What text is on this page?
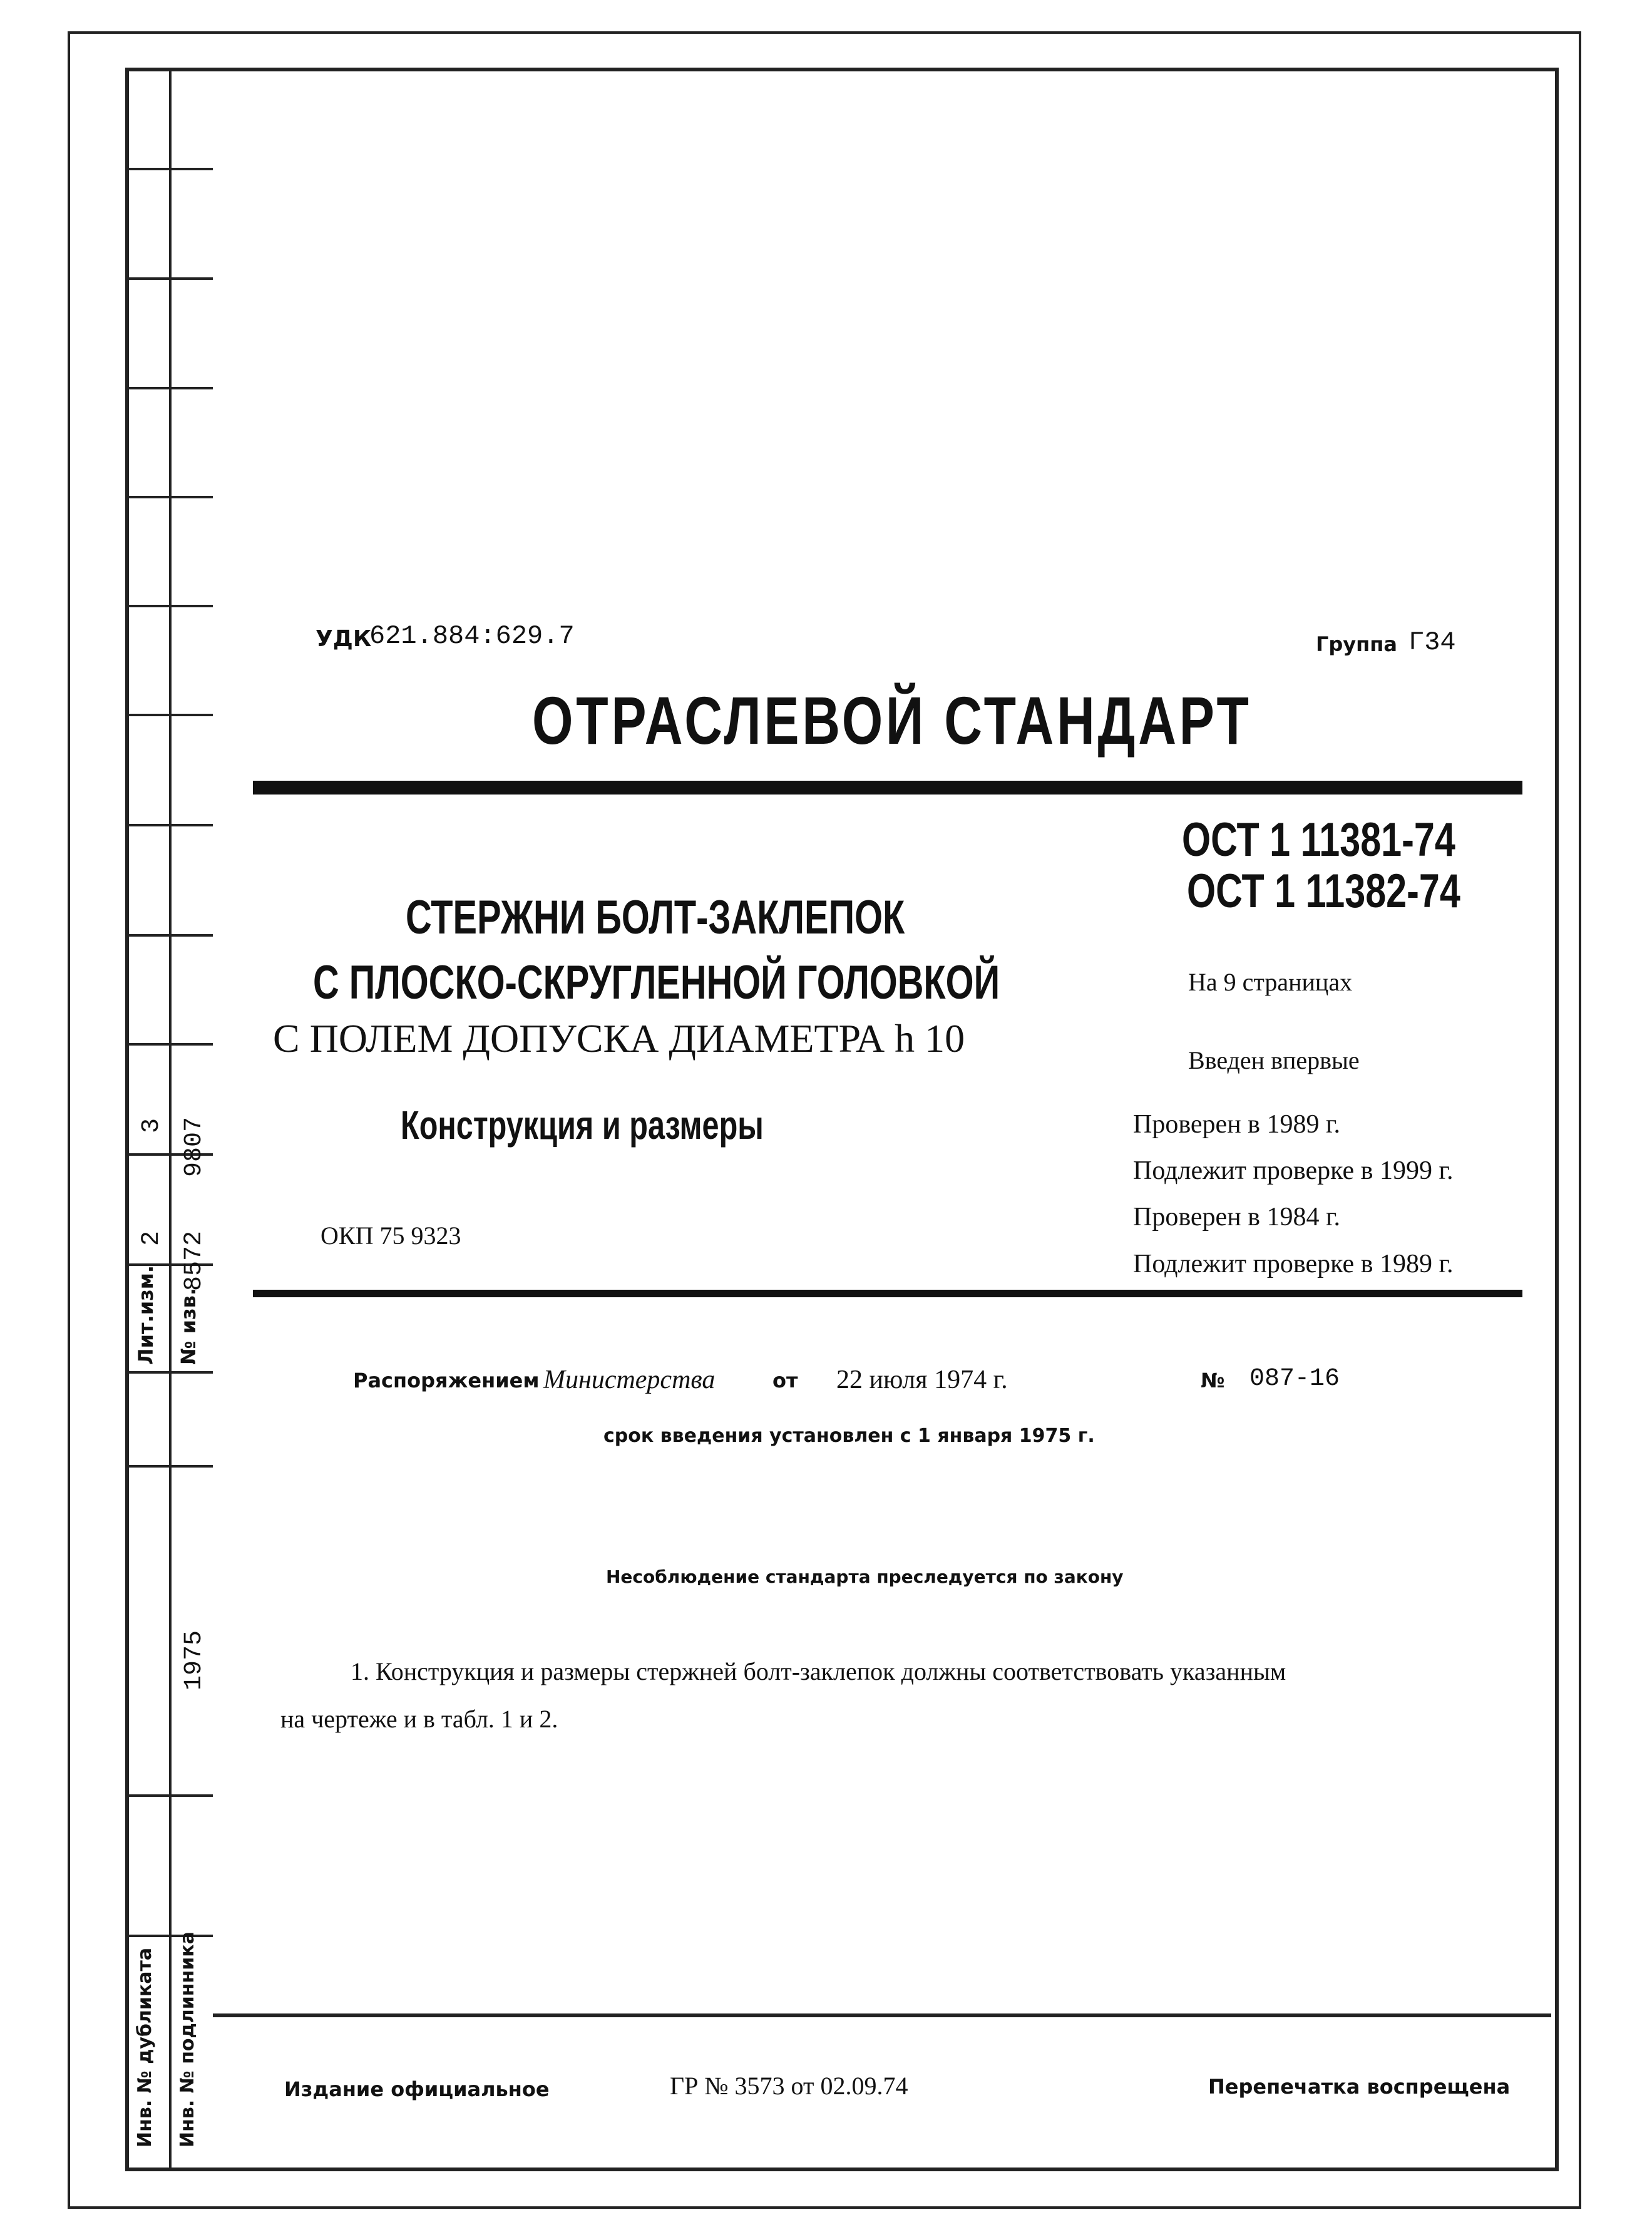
3 9807
2 8572
Лит.изм. № изв.
1975
Инв. № дубликата Инв. № подлинника
УДК
621.884:629.7	Группа Г34
ОТРАСЛЕВОЙ СТАНДАРТ
ОСТ 1 11381-74
ОСТ 1 11382-74
СТЕРЖНИ БОЛТ-ЗАКЛЕПОК
С ПЛОСКО-СКРУГЛЕННОЙ ГОЛОВКОЙ
С ПОЛЕМ ДОПУСКА ДИАМЕТРА h 10
Конструкция и размеры
ОКП 75 9323
На 9 страницах
Введен впервые
Проверен в 1989 г.
Подлежит проверке в 1999 г.
Проверен в 1984 г.
Подлежит проверке в 1989 г.
Распоряжением Министерства	от 22 июля 1974 г.	№ 087-16
срок введения установлен с 1 января 1975 г.
Несоблюдение стандарта преследуется по закону
1. Конструкция и размеры стержней болт-заклепок должны соответствовать указанным
на чертеже и в табл. 1 и 2.
Издание официальное	ГР № 3573 от 02.09.74	Перепечатка воспрещена
